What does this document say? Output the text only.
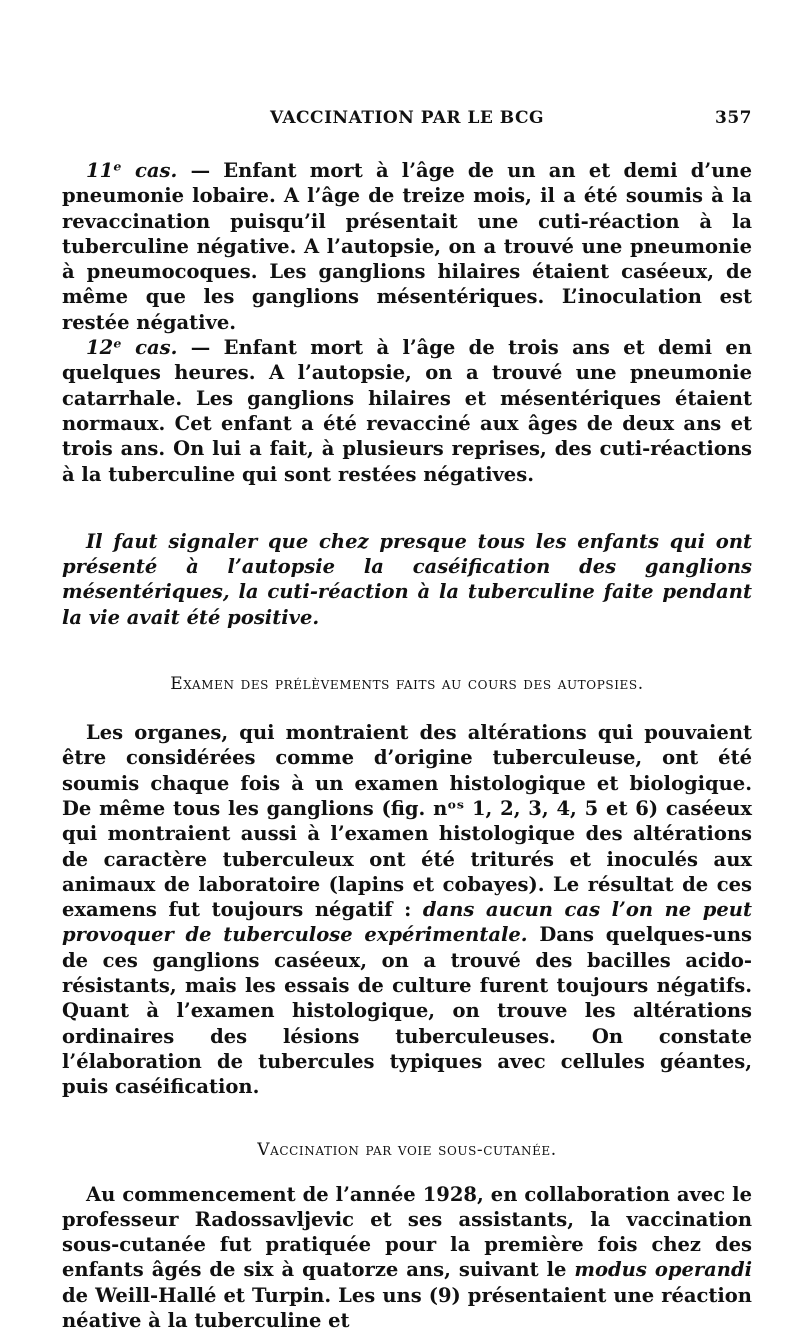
VACCINATION PAR LE BCG	357

11ᵉ cas. — Enfant mort à l’âge de un an et demi d’une pneumonie lobaire. A l’âge de treize mois, il a été soumis à la revaccination puisqu’il présentait une cuti-réaction à la tuberculine négative. A l’autopsie, on a trouvé une pneumonie à pneumocoques. Les ganglions hilaires étaient caséeux, de même que les ganglions mésentériques. L’inoculation est restée négative.

12ᵉ cas. — Enfant mort à l’âge de trois ans et demi en quelques heures. A l’autopsie, on a trouvé une pneumonie catarrhale. Les ganglions hilaires et mésentériques étaient normaux. Cet enfant a été revacciné aux âges de deux ans et trois ans. On lui a fait, à plusieurs reprises, des cuti-réactions à la tuberculine qui sont restées négatives.

Il faut signaler que chez presque tous les enfants qui ont présenté à l’autopsie la caséification des ganglions mésentériques, la cuti-réaction à la tuberculine faite pendant la vie avait été positive.

Examen des prélèvements faits au cours des autopsies.

Les organes, qui montraient des altérations qui pouvaient être considérées comme d’origine tuberculeuse, ont été soumis chaque fois à un examen histologique et biologique. De même tous les ganglions (fig. nᵒˢ 1, 2, 3, 4, 5 et 6) caséeux qui montraient aussi à l’examen histologique des altérations de caractère tuberculeux ont été triturés et inoculés aux animaux de laboratoire (lapins et cobayes). Le résultat de ces examens fut toujours négatif : dans aucun cas l’on ne peut provoquer de tuberculose expérimentale. Dans quelques-uns de ces ganglions caséeux, on a trouvé des bacilles acido-résistants, mais les essais de culture furent toujours négatifs. Quant à l’examen histologique, on trouve les altérations ordinaires des lésions tuberculeuses. On constate l’élaboration de tubercules typiques avec cellules géantes, puis caséification.

Vaccination par voie sous-cutanée.

Au commencement de l’année 1928, en collaboration avec le professeur Radossavljevic et ses assistants, la vaccination sous-cutanée fut pratiquée pour la première fois chez des enfants âgés de six à quatorze ans, suivant le modus operandi de Weill-Hallé et Turpin. Les uns (9) présentaient une réaction néative à la tuberculine et
